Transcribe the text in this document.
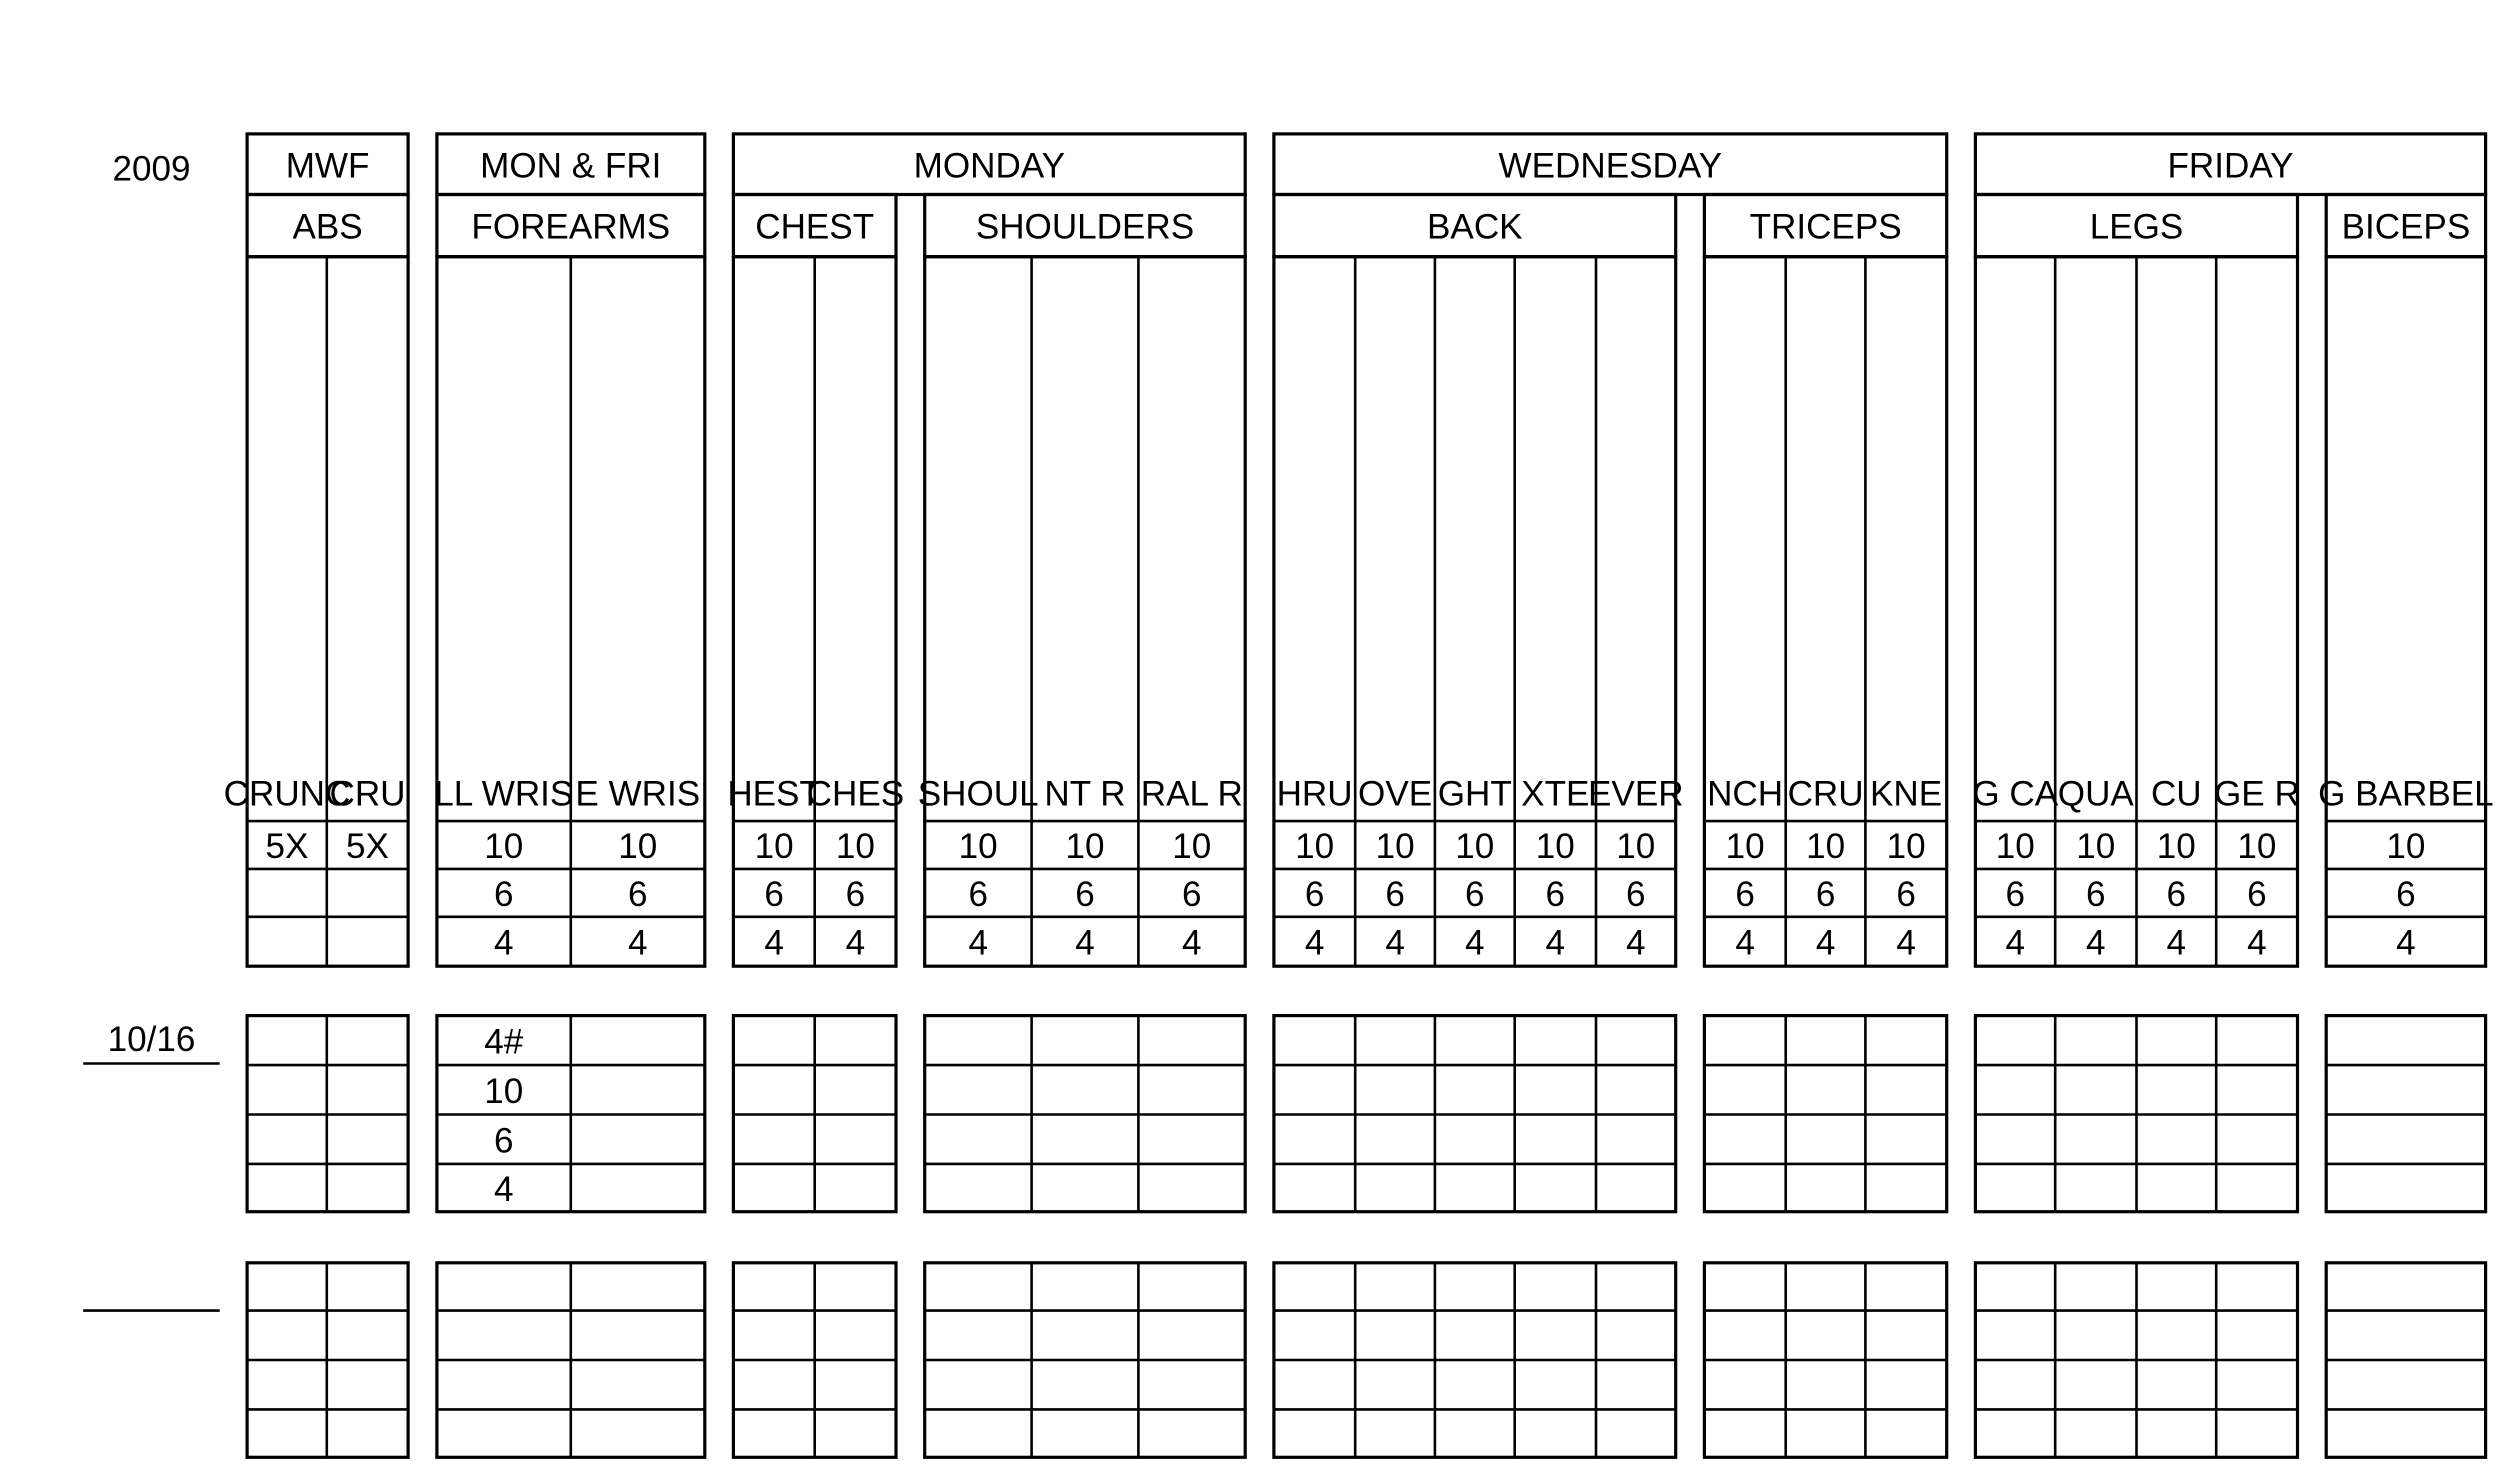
MWF
ABS
CRUNC
5X
CRU
5X
MON & FRI
FOREARMS
LL WRIS
10
6
4
E WRIS
10
6
4
4#
10
6
4
MONDAY
CHEST
HEST
10
6
4
CHES
10
6
4
SHOULDERS
SHOUL
10
6
4
NT R
10
6
4
RAL R
10
6
4
WEDNESDAY
BACK
HRU
10
6
4
OVE
10
6
4
GHT
10
6
4
XTE
10
6
4
EVER
10
6
4
TRICEPS
NCH
10
6
4
CRU
10
6
4
KNE
10
6
4
FRIDAY
LEGS
G CA
10
6
4
QUA
10
6
4
CU
10
6
4
GE R
10
6
4
BICEPS
G BARBEL
10
6
4
2009
10/16
